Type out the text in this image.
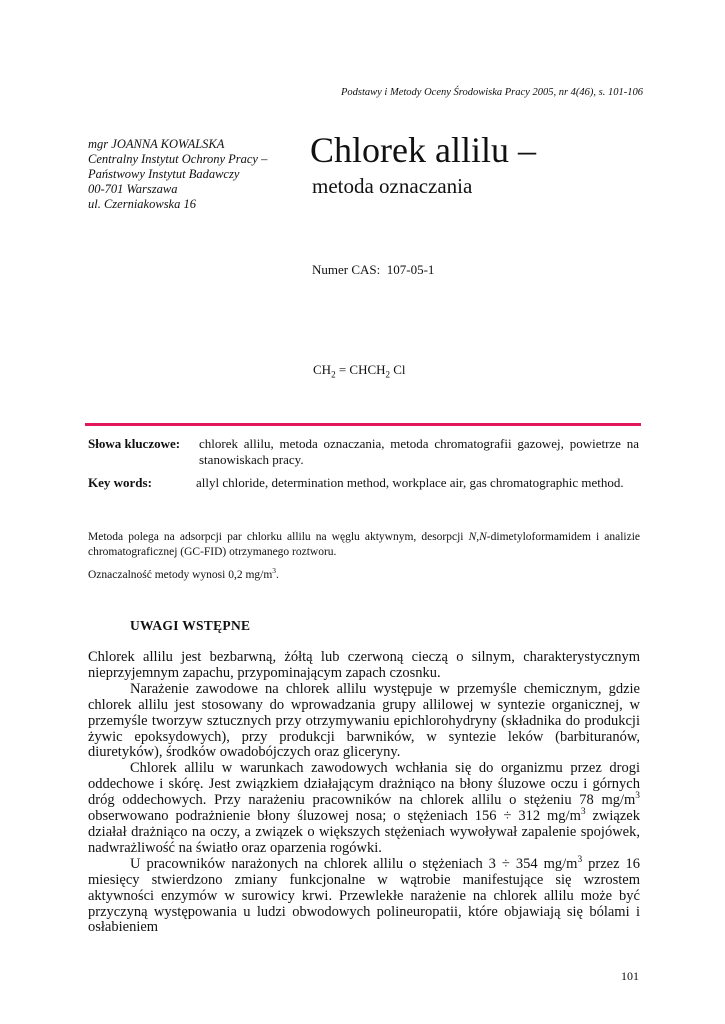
Podstawy i Metody Oceny Środowiska Pracy 2005, nr 4(46), s. 101-106
mgr JOANNA KOWALSKA
Centralny Instytut Ochrony Pracy –
Państwowy Instytut Badawczy
00-701 Warszawa
ul. Czerniakowska 16
Chlorek allilu –
metoda oznaczania
Numer CAS: 107-05-1
$CH_2$ = $CHCH_2$ Cl
Słowa kluczowe: chlorek allilu, metoda oznaczania, metoda chromatografii gazowej, powietrze na stanowiskach pracy.
Key words:	allyl chloride, determination method, workplace air, gas chromatographic method.
Metoda polega na adsorpcji par chlorku allilu na węglu aktywnym, desorpcji N,N-dimetyloformamidem i analizie chromatograficznej (GC-FID) otrzymanego roztworu.
Oznaczalność metody wynosi 0,2 $mg/m^3$.
UWAGI WSTĘPNE

Chlorek allilu jest bezbarwną, żółtą lub czerwoną cieczą o silnym, charakterystycznym nieprzyjemnym zapachu, przypominającym zapach czosnku.

Narażenie zawodowe na chlorek allilu występuje w przemyśle chemicznym, gdzie chlorek allilu jest stosowany do wprowadzania grupy allilowej w syntezie organicznej, w przemyśle tworzyw sztucznych przy otrzymywaniu epichlorohydryny (składnika do produkcji żywic epoksydowych), przy produkcji barwników, w syntezie leków (barbituranów, diuretyków), środków owadobójczych oraz gliceryny.

Chlorek allilu w warunkach zawodowych wchłania się do organizmu przez drogi oddechowe i skórę. Jest związkiem działającym drażniąco na błony śluzowe oczu i górnych dróg oddechowych. Przy narażeniu pracowników na chlorek allilu o stężeniu 78 $mg/m^3$ obserwowano podrażnienie błony śluzowej nosa; o stężeniach 156 ÷ 312 $mg/m^3$ związek działał drażniąco na oczy, a związek o większych stężeniach wywoływał zapalenie spojówek, nadwrażliwość na światło oraz oparzenia rogówki.

U pracowników narażonych na chlorek allilu o stężeniach 3 ÷ 354 $mg/m^3$ przez 16 miesięcy stwierdzono zmiany funkcjonalne w wątrobie manifestujące się wzrostem aktywności enzymów w surowicy krwi. Przewlekłe narażenie na chlorek allilu może być przyczyną występowania u ludzi obwodowych polineuropatii, które objawiają się bólami i osłabieniem

101
